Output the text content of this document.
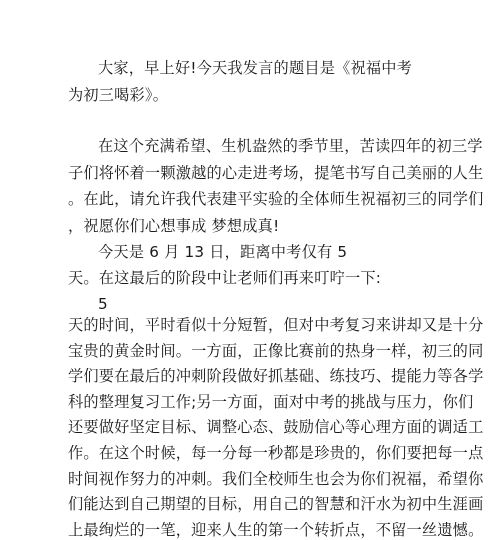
大家，早上好!今天我发言的题目是《祝福中考
为初三喝彩》。
在这个充满希望、生机盎然的季节里，苦读四年的初三学
子们将怀着一颗激越的心走进考场，提笔书写自己美丽的人生
。在此，请允许我代表建平实验的全体师生祝福初三的同学们
，祝愿你们心想事成 梦想成真!
今天是 6 月 13 日，距离中考仅有 5
天。在这最后的阶段中让老师们再来叮咛一下:
5
天的时间，平时看似十分短暂，但对中考复习来讲却又是十分
宝贵的黄金时间。一方面，正像比赛前的热身一样，初三的同
学们要在最后的冲刺阶段做好抓基础、练技巧、提能力等各学
科的整理复习工作;另一方面，面对中考的挑战与压力，你们
还要做好坚定目标、调整心态、鼓励信心等心理方面的调适工
作。在这个时候，每一分每一秒都是珍贵的，你们要把每一点
时间视作努力的冲刺。我们全校师生也会为你们祝福，希望你
们能达到自己期望的目标，用自己的智慧和汗水为初中生涯画
上最绚烂的一笔，迎来人生的第一个转折点，不留一丝遗憾。
